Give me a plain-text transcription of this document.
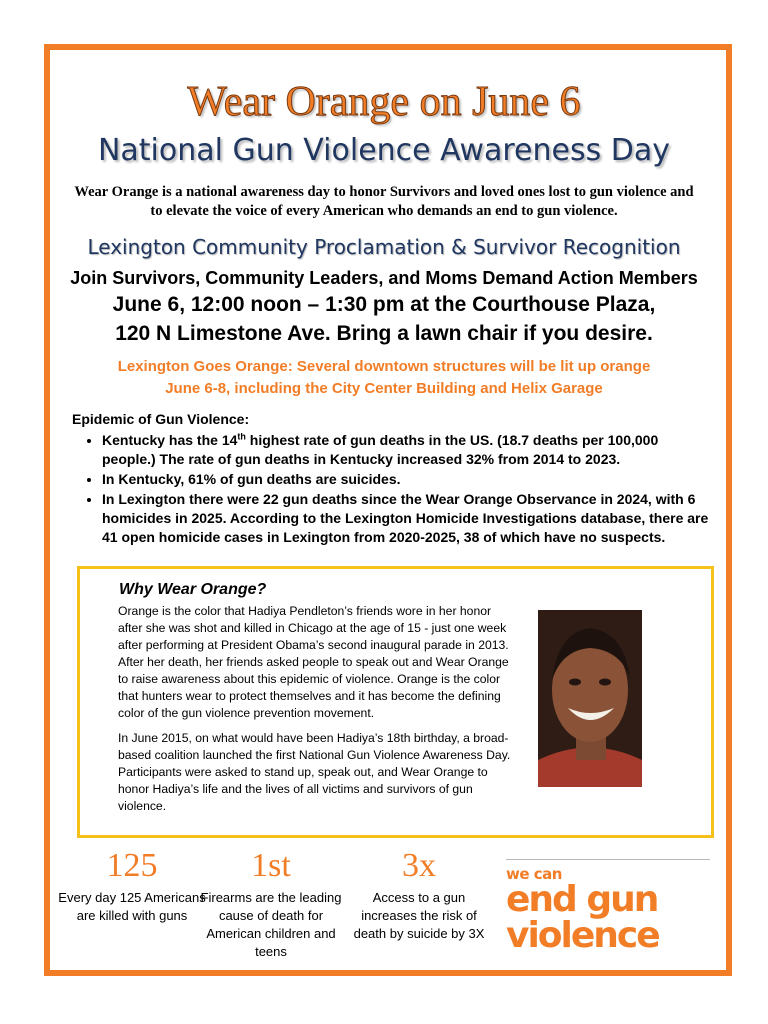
Wear Orange on June 6
National Gun Violence Awareness Day
Wear Orange is a national awareness day to honor Survivors and loved ones lost to gun violence and to elevate the voice of every American who demands an end to gun violence.
Lexington Community Proclamation & Survivor Recognition
Join Survivors, Community Leaders, and Moms Demand Action Members
June 6, 12:00 noon – 1:30 pm at the Courthouse Plaza,
120 N Limestone Ave. Bring a lawn chair if you desire.
Lexington Goes Orange: Several downtown structures will be lit up orange
June 6-8, including the City Center Building and Helix Garage
Epidemic of Gun Violence:
• Kentucky has the 14th highest rate of gun deaths in the US. (18.7 deaths per 100,000 people.) The rate of gun deaths in Kentucky increased 32% from 2014 to 2023.
• In Kentucky, 61% of gun deaths are suicides.
• In Lexington there were 22 gun deaths since the Wear Orange Observance in 2024, with 6 homicides in 2025. According to the Lexington Homicide Investigations database, there are 41 open homicide cases in Lexington from 2020-2025, 38 of which have no suspects.
Why Wear Orange?

Orange is the color that Hadiya Pendleton’s friends wore in her honor after she was shot and killed in Chicago at the age of 15 - just one week after performing at President Obama’s second inaugural parade in 2013. After her death, her friends asked people to speak out and Wear Orange to raise awareness about this epidemic of violence. Orange is the color that hunters wear to protect themselves and it has become the defining color of the gun violence prevention movement.

In June 2015, on what would have been Hadiya’s 18th birthday, a broad-based coalition launched the first National Gun Violence Awareness Day. Participants were asked to stand up, speak out, and Wear Orange to honor Hadiya’s life and the lives of all victims and survivors of gun violence.

125
Every day 125 Americans are killed with guns
1st
Firearms are the leading cause of death for American children and teens
3x
Access to a gun increases the risk of death by suicide by 3X
we can
end gun
violence
